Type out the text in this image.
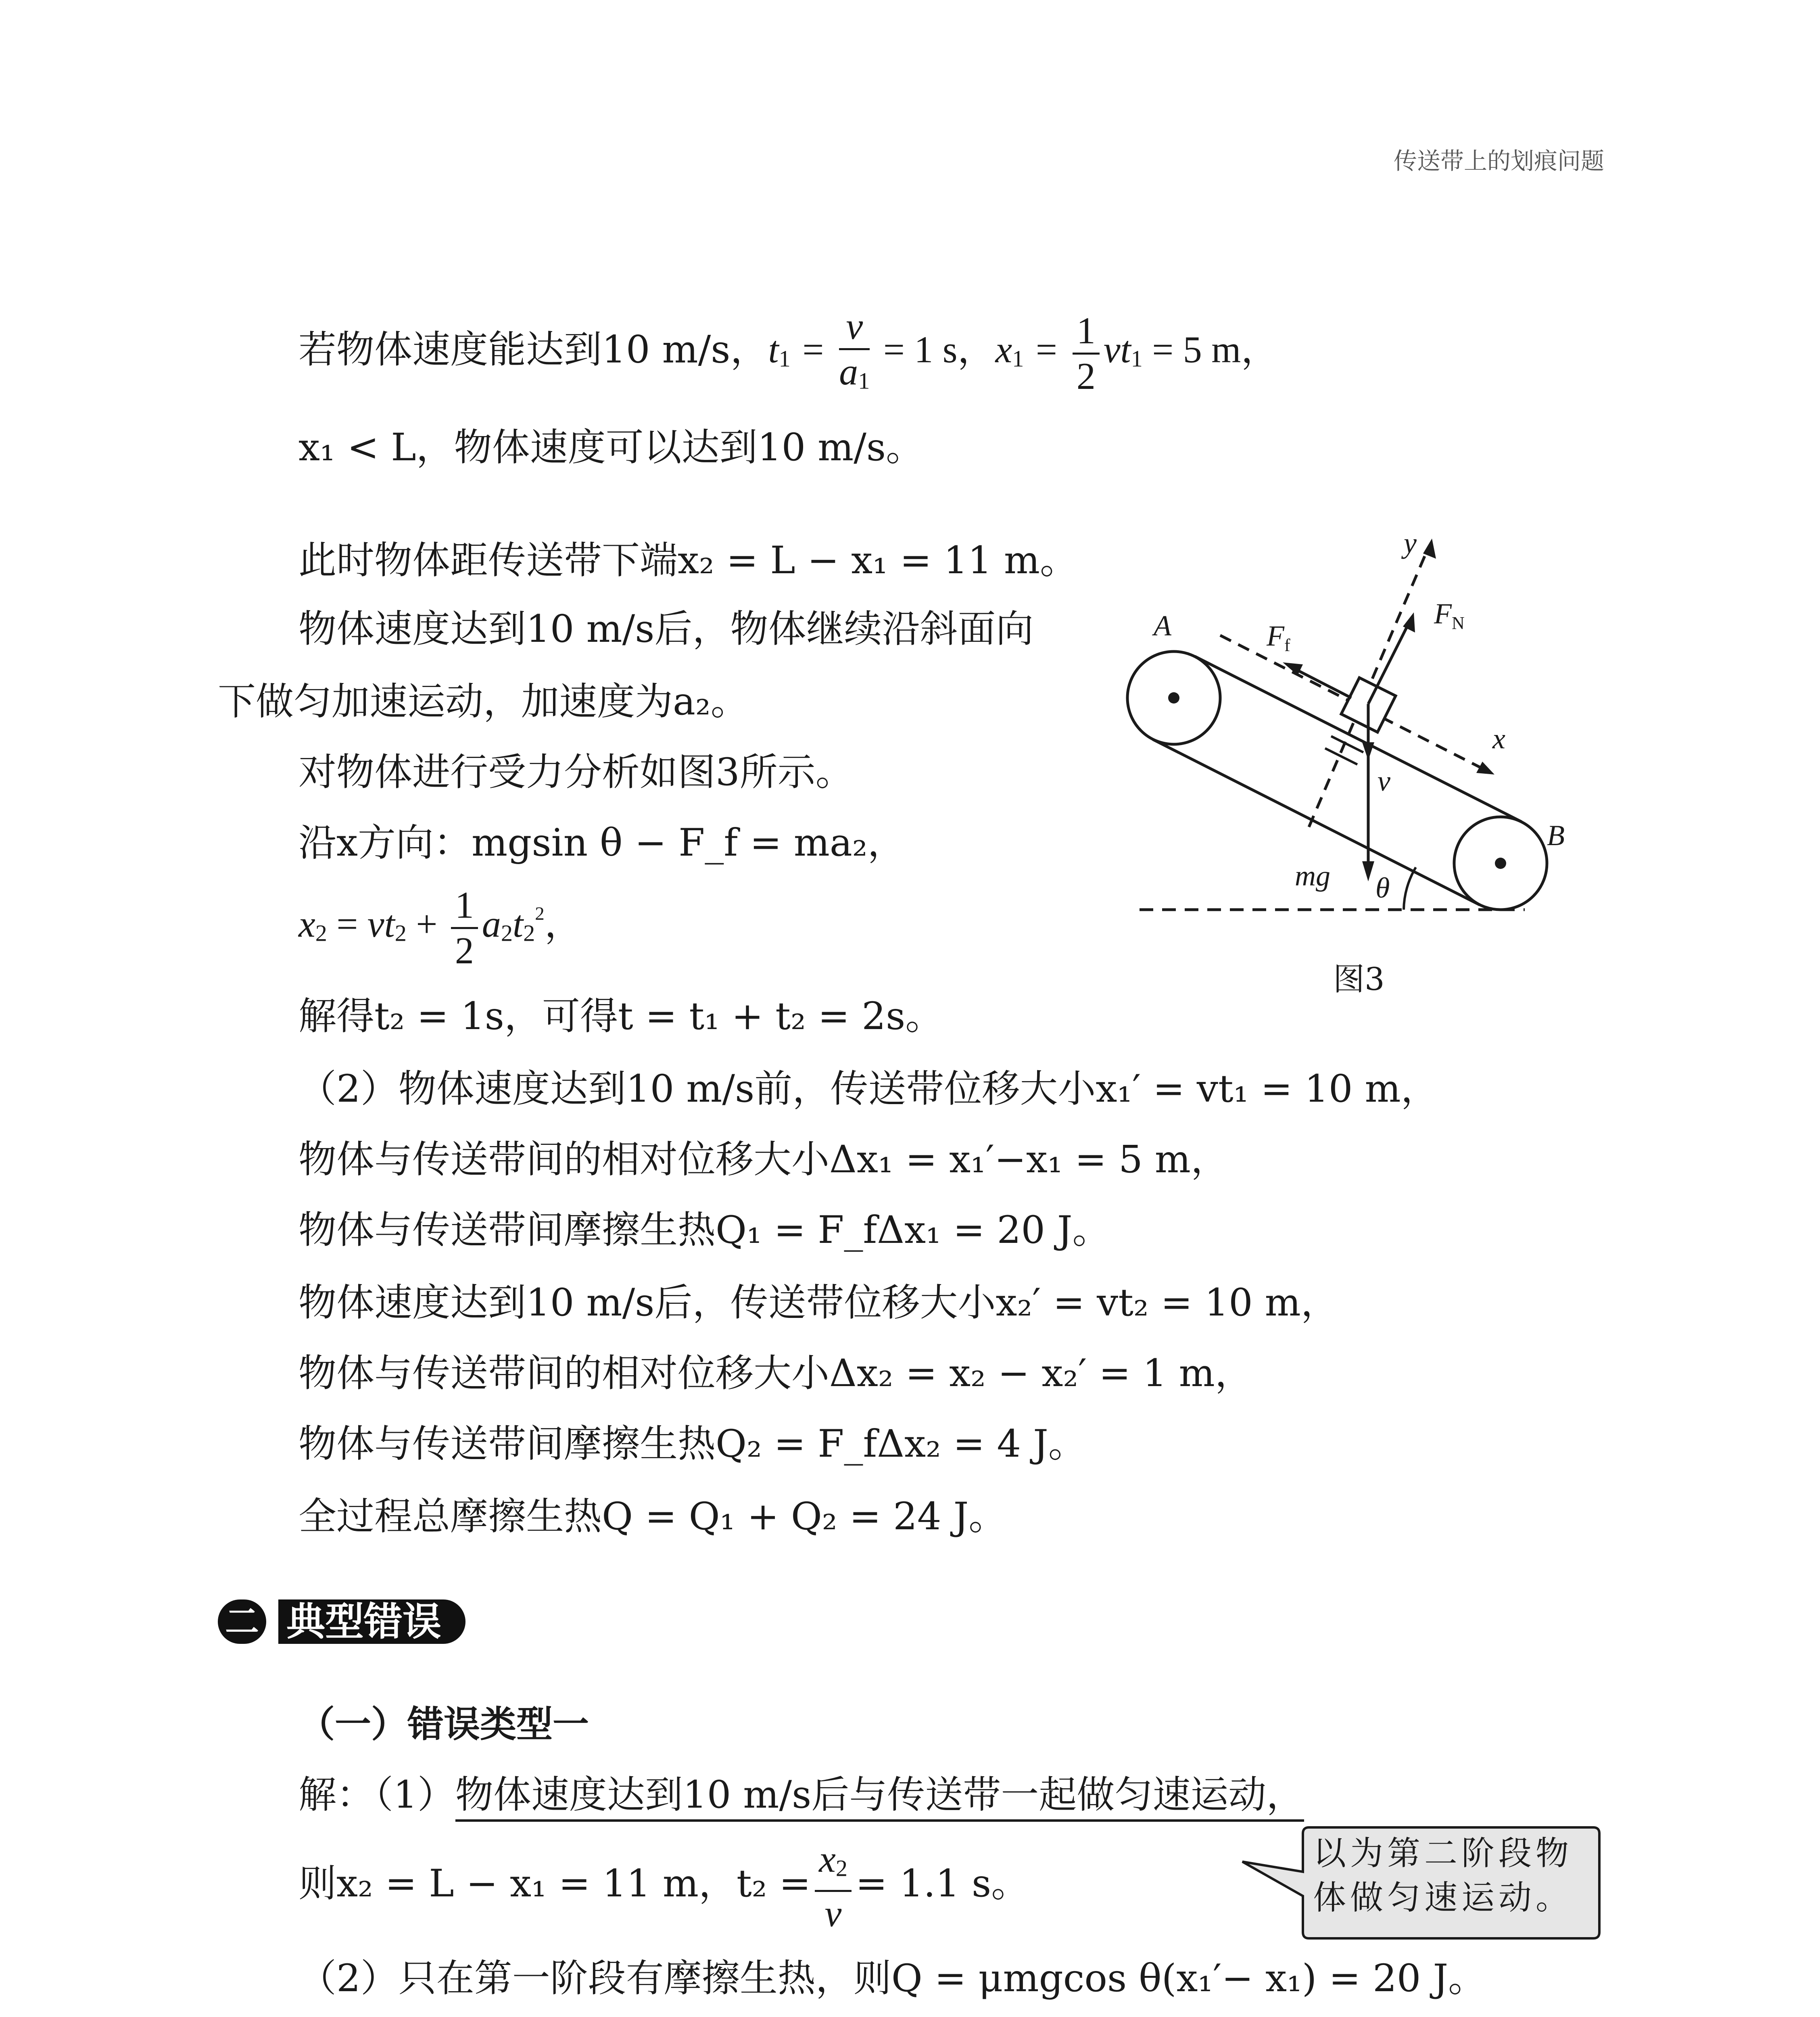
传送带上的划痕问题
若物体速度能达到10 m/s，$t1 = \frac{v}{a1} = 1$ s，$x1 = \frac{1}{2} vt1 = 5$ m，
x₁ < L，物体速度可以达到10 m/s。
此时物体距传送带下端x₂ = L − x₁ = 11 m。
物体速度达到10 m/s后，物体继续沿斜面向
下做匀加速运动，加速度为a₂。
对物体进行受力分析如图3所示。
沿x方向：mgsin θ − F_f = ma₂，
$x2 = vt2 + \frac{1}{2} a2t2^2$，
解得t₂ = 1s，可得t = t₁ + t₂ = 2s。
（2）物体速度达到10 m/s前，传送带位移大小x₁′ = vt₁ = 10 m，
物体与传送带间的相对位移大小Δx₁ = x₁′−x₁ = 5 m，
物体与传送带间摩擦生热Q₁ = F_fΔx₁ = 20 J。
物体速度达到10 m/s后，传送带位移大小x₂′ = vt₂ = 10 m，
物体与传送带间的相对位移大小Δx₂ = x₂ − x₂′ = 1 m，
物体与传送带间摩擦生热Q₂ = F_fΔx₂ = 4 J。
全过程总摩擦生热Q = Q₁ + Q₂ = 24 J。
A
B
y
x
FN
Ff
v
mg θ
图3
二 典型错误
（一）错误类型一
解：（1）物体速度达到10 m/s后与传送带一起做匀速运动，
则x₂ = L − x₁ = 11 m，$t_2 = \frac{x2}{v} = 1.1$ s。
（2）只在第一阶段有摩擦生热，则Q = μmgcos θ(x₁′− x₁) = 20 J。
以为第二阶段物体做匀速运动。
